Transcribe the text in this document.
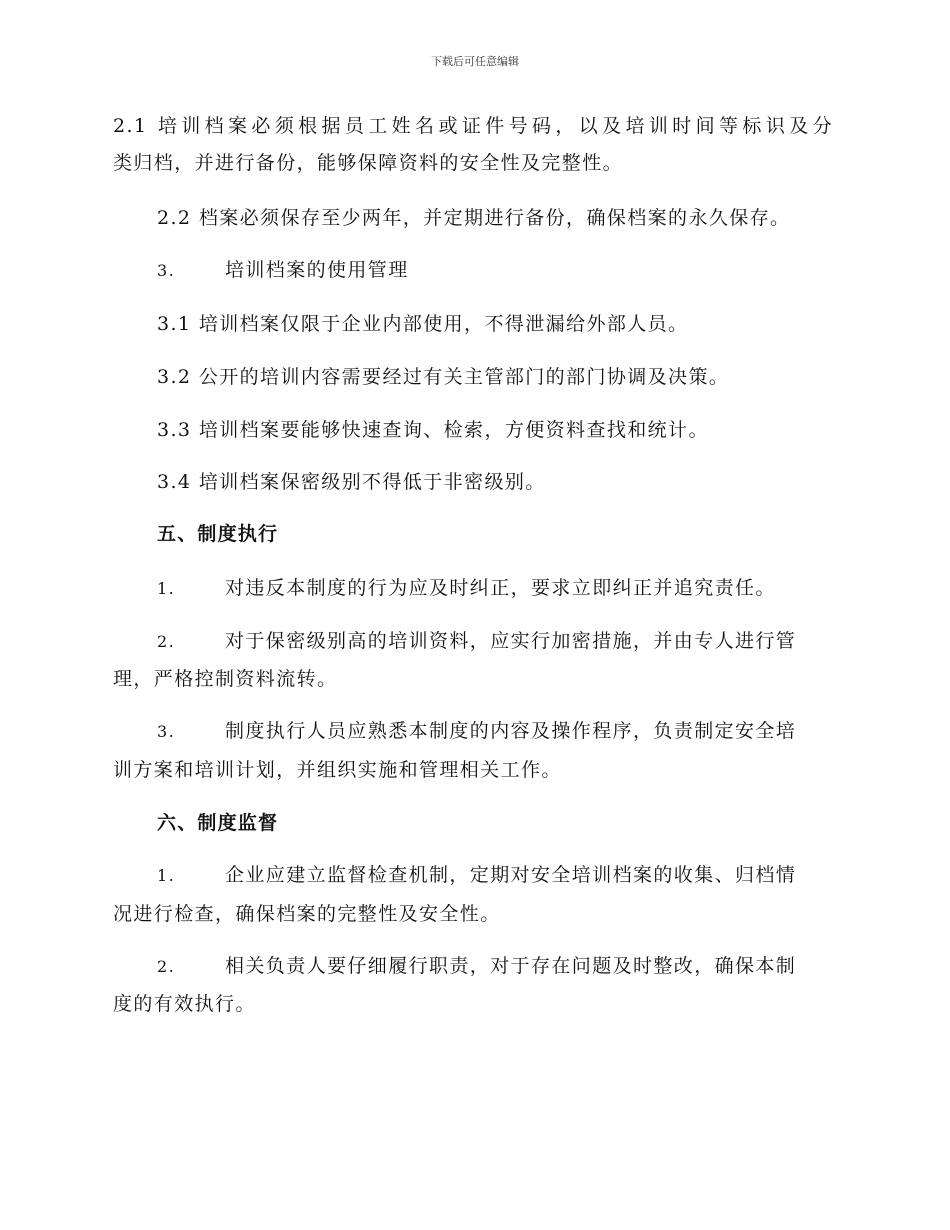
下载后可任意编辑
2.1 培训档案必须根据员工姓名或证件号码，以及培训时间等标识及分
类归档，并进行备份，能够保障资料的安全性及完整性。
2.2 档案必须保存至少两年，并定期进行备份，确保档案的永久保存。
3.	培训档案的使用管理
3.1 培训档案仅限于企业内部使用，不得泄漏给外部人员。
3.2 公开的培训内容需要经过有关主管部门的部门协调及决策。
3.3 培训档案要能够快速查询、检索，方便资料查找和统计。
3.4 培训档案保密级别不得低于非密级别。
五、制度执行
1.	对违反本制度的行为应及时纠正，要求立即纠正并追究责任。
2.	对于保密级别高的培训资料，应实行加密措施，并由专人进行管
理，严格控制资料流转。
3.	制度执行人员应熟悉本制度的内容及操作程序，负责制定安全培
训方案和培训计划，并组织实施和管理相关工作。
六、制度监督
1.	企业应建立监督检查机制，定期对安全培训档案的收集、归档情
况进行检查，确保档案的完整性及安全性。
2.	相关负责人要仔细履行职责，对于存在问题及时整改，确保本制
度的有效执行。
